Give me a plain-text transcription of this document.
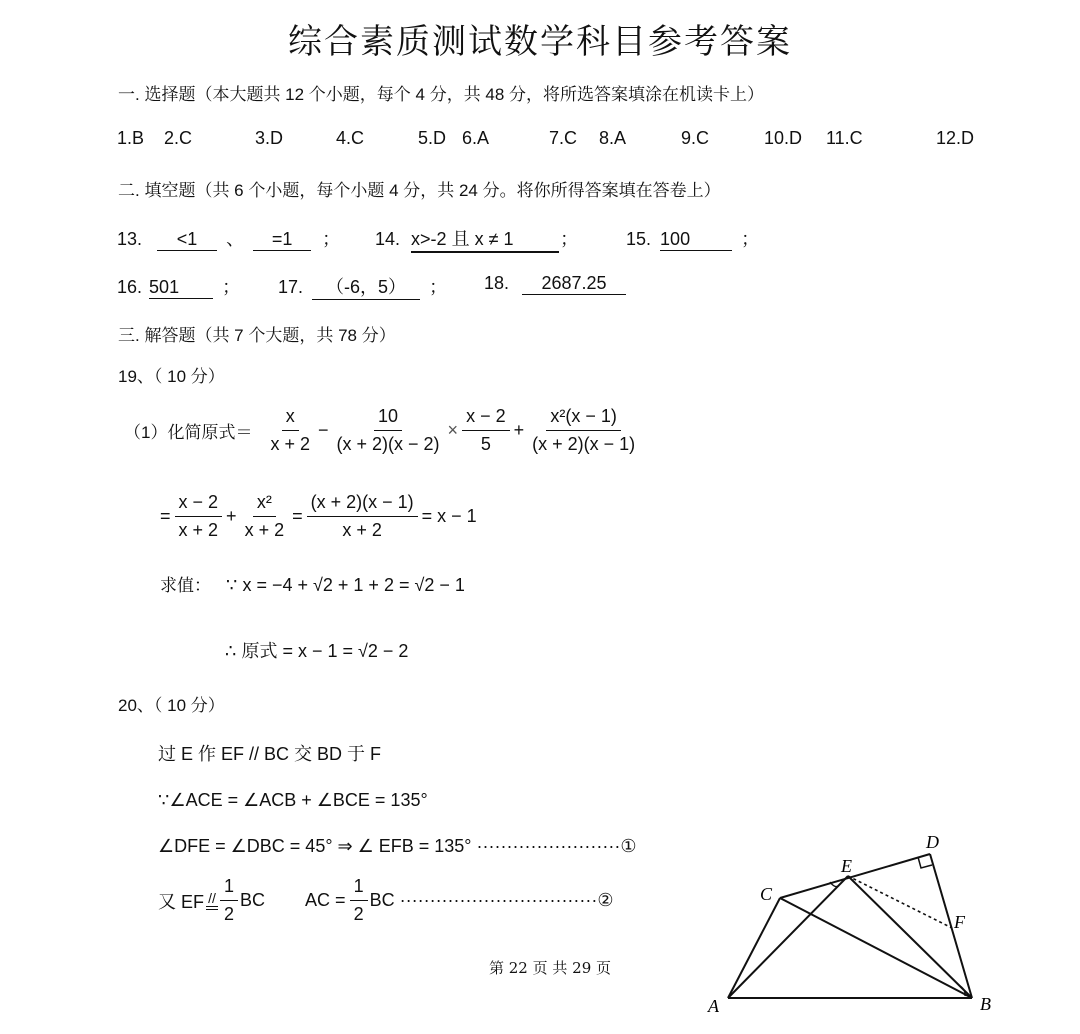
综合素质测试数学科目参考答案
一. 选择题（本大题共 12 个小题，每个 4 分，共 48 分，将所选答案填涂在机读卡上）
1.B 2.C	3.D	4.C	5.D 6.A	7.C 8.A	9.C	10.D 11.C	12.D
二. 填空题（共 6 个小题，每个小题 4 分，共 24 分。将你所得答案填在答卷上）
13. <1 、 =1 ； 14. x>-2 且 x ≠ 1	；	15. 100	；
16. 501 ； 17. （-6，5） ； 18. 2687.25
三. 解答题（共 7 个大题，共 78 分）
19、（ 10 分）
（1）化简原式＝ $\frac{x}{x + 2} - \frac{10}{(x + 2)(x - 2)} \times \frac{x - 2}{5} + \frac{\text{x²(x − 1)}}{(x + 2)(x - 1)}$
= $\frac{x - 2}{x + 2} + \frac{\text{x²}}{x + 2} = \frac{(x + 2)(x - 1)}{x + 2} = x - 1$
求值： ∵ x = −4 + √2 + 1 + 2 = √2 − 1
∴ 原式 = x − 1 = √2 − 2
20、（ 10 分）
过 E 作 EF // BC 交 BD 于 F
∵∠ACE = ∠ACB + ∠BCE = 135°
∠DFE = ∠DBC = 45° ⇒ ∠ EFB = 135° ························①
又 EF // $\frac{1}{2}$ BC AC = $\frac{1}{2}$ BC ·································②
A	B
C
D
E
F
第 22 页 共 29 页
